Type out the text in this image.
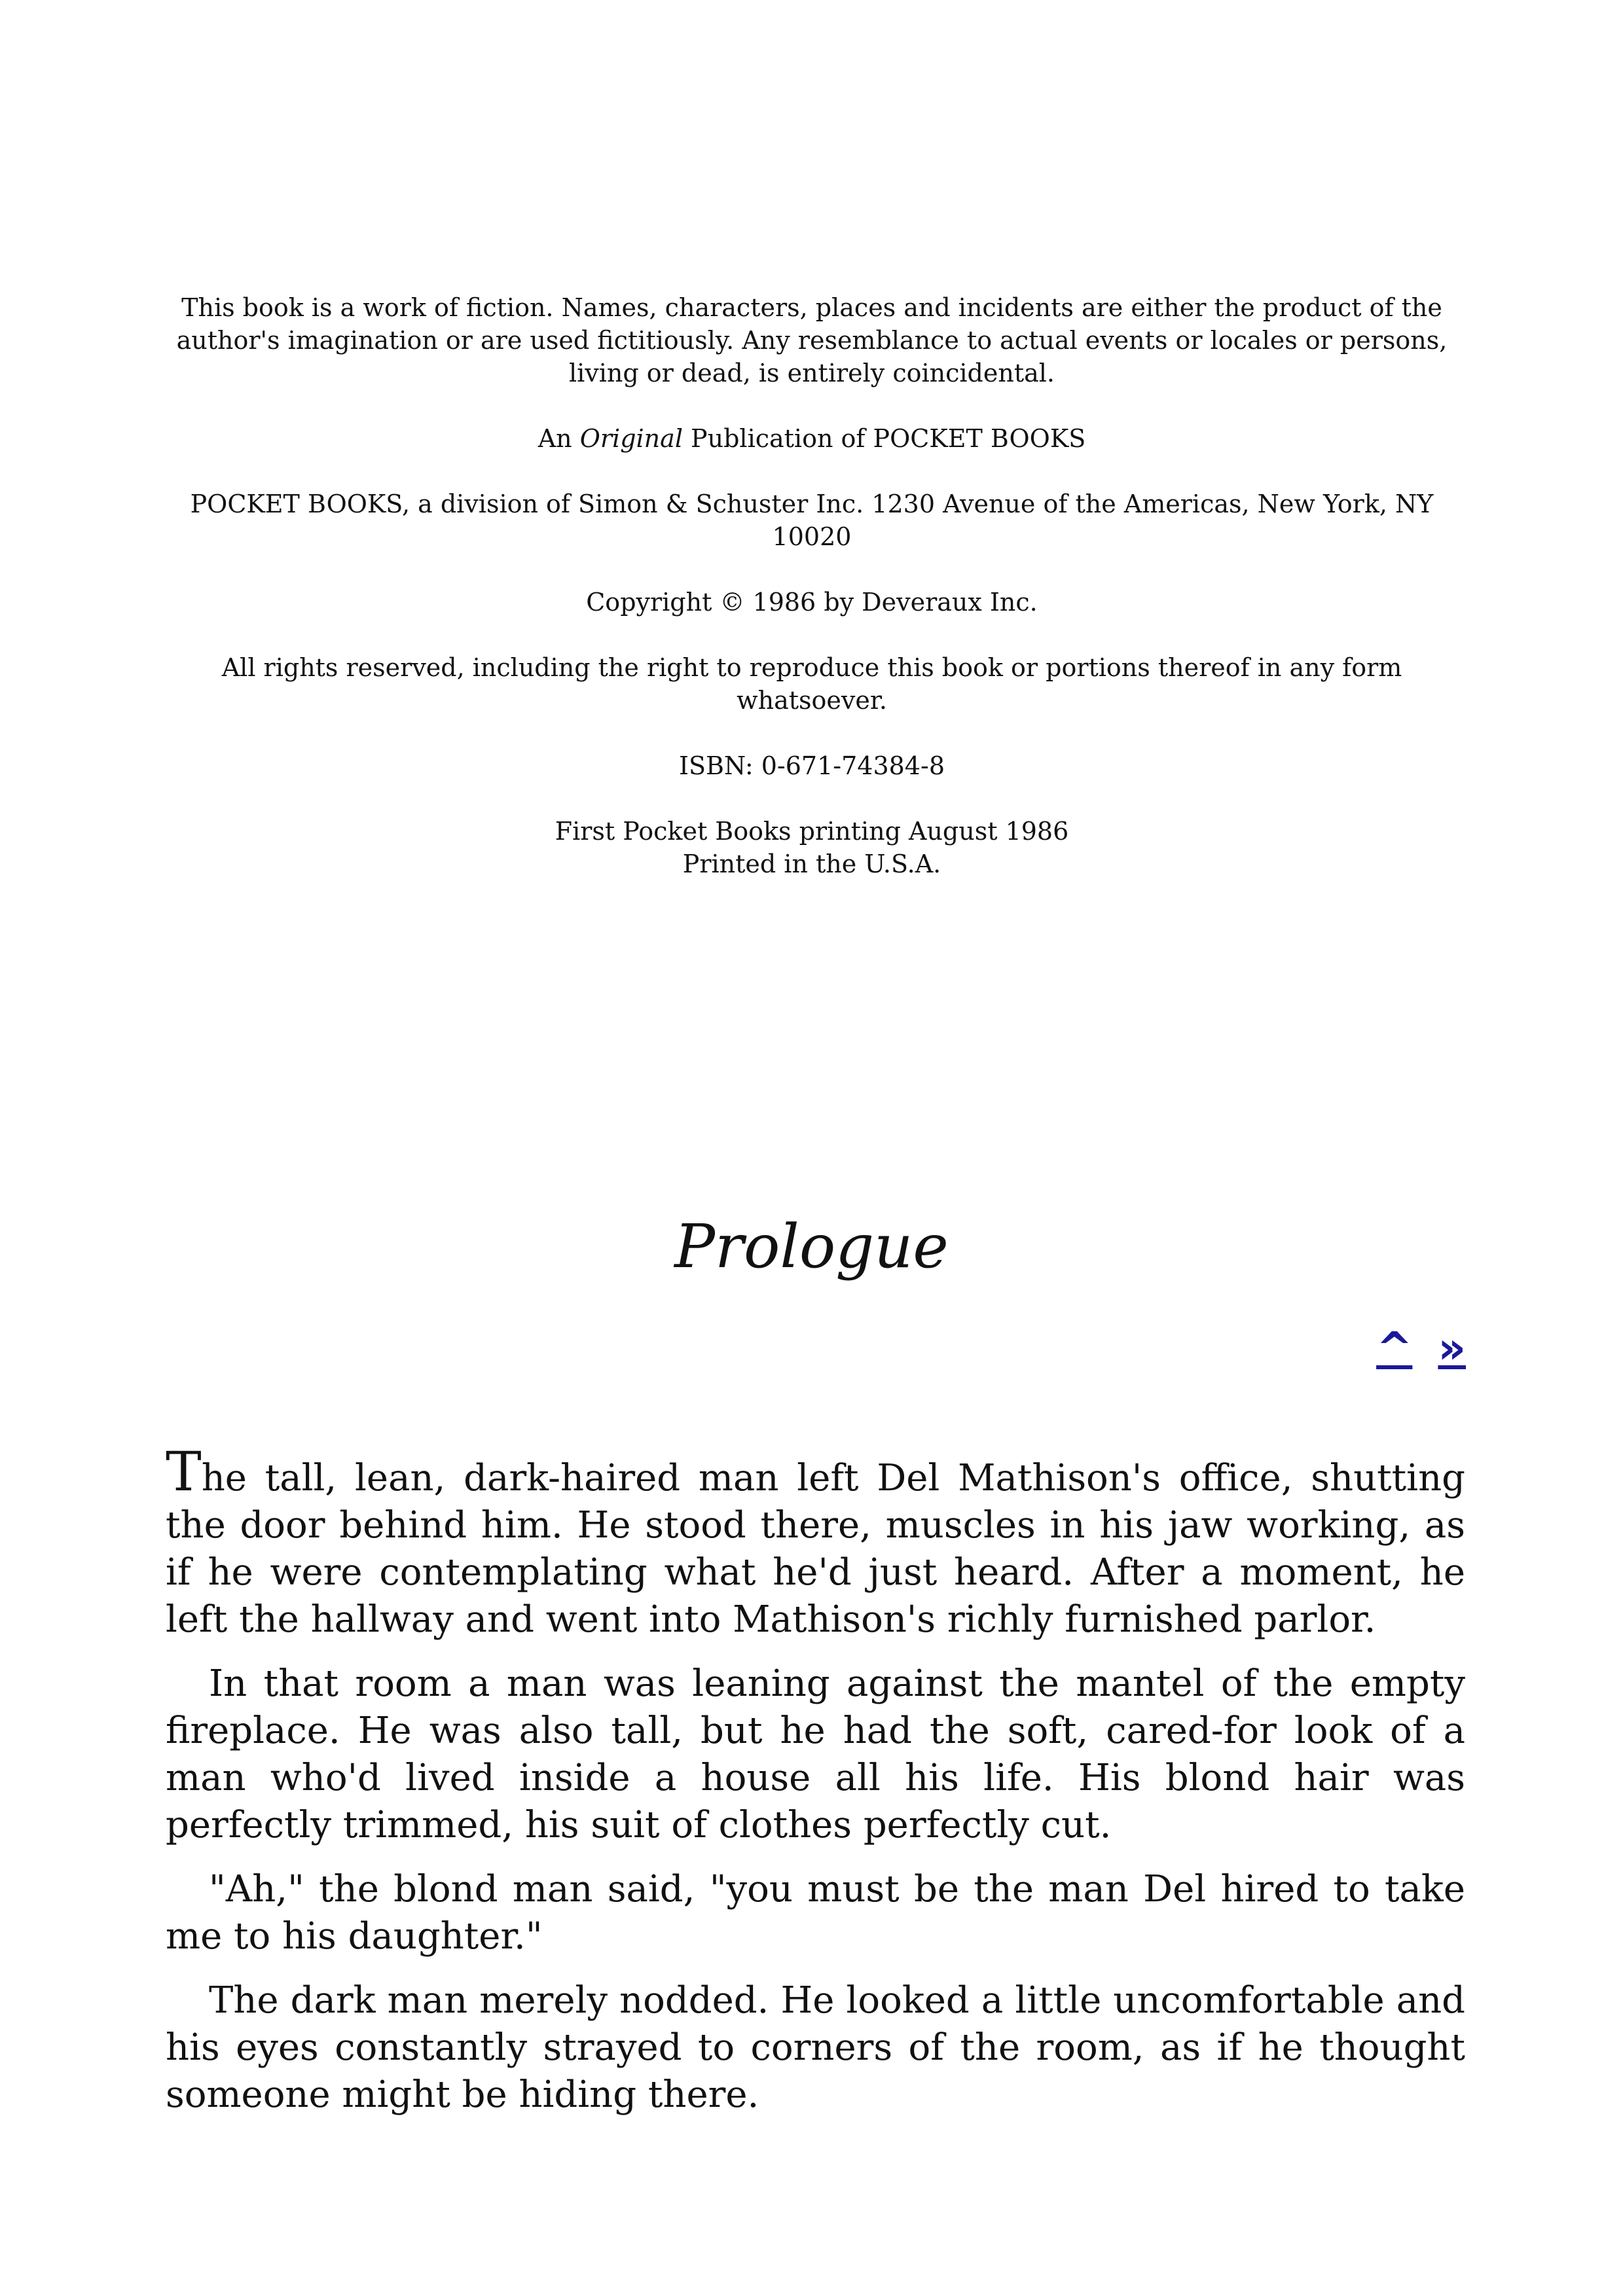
This book is a work of fiction. Names, characters, places and incidents are either the product of the author's imagination or are used fictitiously. Any resemblance to actual events or locales or persons, living or dead, is entirely coincidental.

An Original Publication of POCKET BOOKS

POCKET BOOKS, a division of Simon & Schuster Inc. 1230 Avenue of the Americas, New York, NY 10020

Copyright © 1986 by Deveraux Inc.

All rights reserved, including the right to reproduce this book or portions thereof in any form whatsoever.

ISBN: 0-671-74384-8

First Pocket Books printing August 1986

Printed in the U.S.A.

Prologue
^ »

The tall, lean, dark-haired man left Del Mathison's office, shutting the door behind him. He stood there, muscles in his jaw working, as if he were contemplating what he'd just heard. After a moment, he left the hallway and went into Mathison's richly furnished parlor.

In that room a man was leaning against the mantel of the empty fireplace. He was also tall, but he had the soft, cared-for look of a man who'd lived inside a house all his life. His blond hair was perfectly trimmed, his suit of clothes perfectly cut.

"Ah," the blond man said, "you must be the man Del hired to take me to his daughter."

The dark man merely nodded. He looked a little uncomfortable and his eyes constantly strayed to corners of the room, as if he thought someone might be hiding there.
